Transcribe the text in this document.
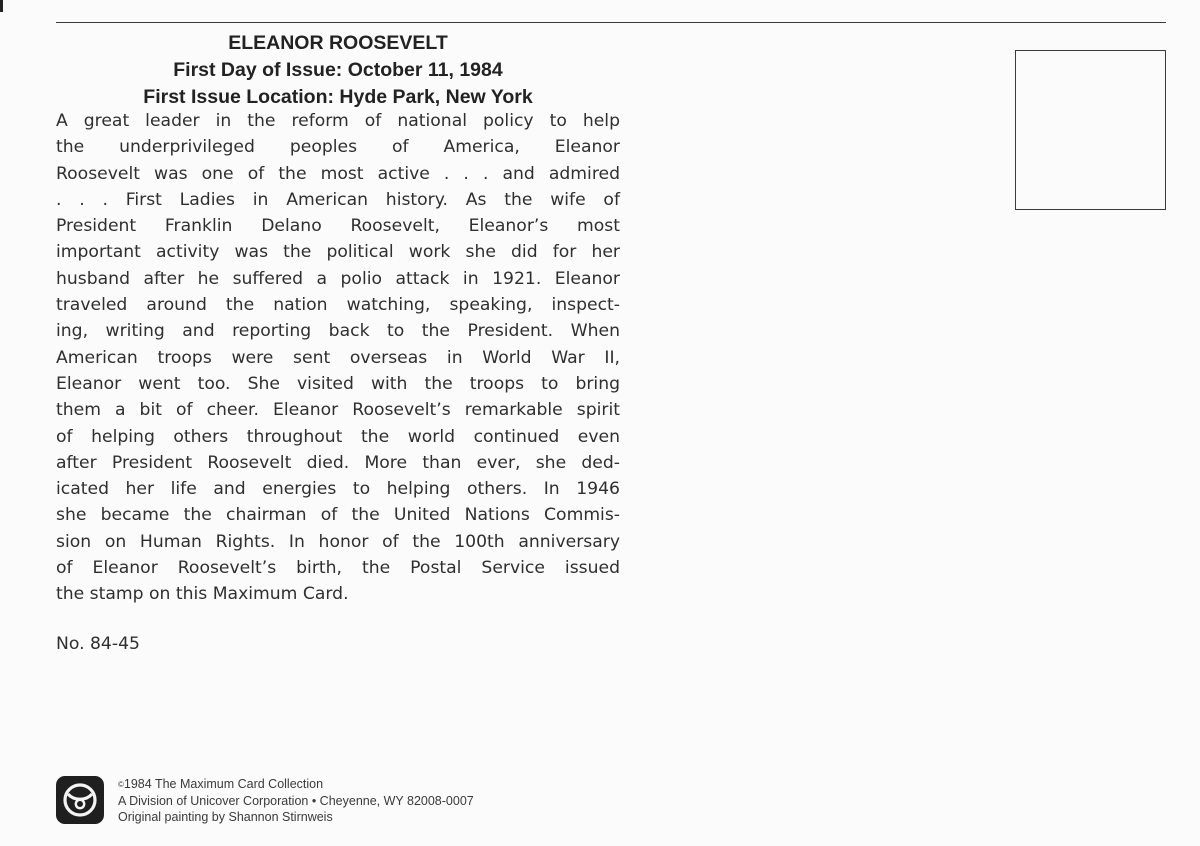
ELEANOR ROOSEVELT
First Day of Issue: October 11, 1984
First Issue Location: Hyde Park, New York
A great leader in the reform of national policy to help
the underprivileged peoples of America, Eleanor
Roosevelt was one of the most active . . . and admired
. . . First Ladies in American history. As the wife of
President Franklin Delano Roosevelt, Eleanor’s most
important activity was the political work she did for her
husband after he suffered a polio attack in 1921. Eleanor
traveled around the nation watching, speaking, inspect-
ing, writing and reporting back to the President. When
American troops were sent overseas in World War II,
Eleanor went too. She visited with the troops to bring
them a bit of cheer. Eleanor Roosevelt’s remarkable spirit
of helping others throughout the world continued even
after President Roosevelt died. More than ever, she ded-
icated her life and energies to helping others. In 1946
she became the chairman of the United Nations Commis-
sion on Human Rights. In honor of the 100th anniversary
of Eleanor Roosevelt’s birth, the Postal Service issued
the stamp on this Maximum Card.
No. 84-45
©1984 The Maximum Card Collection
A Division of Unicover Corporation • Cheyenne, WY 82008-0007
Original painting by Shannon Stirnweis
